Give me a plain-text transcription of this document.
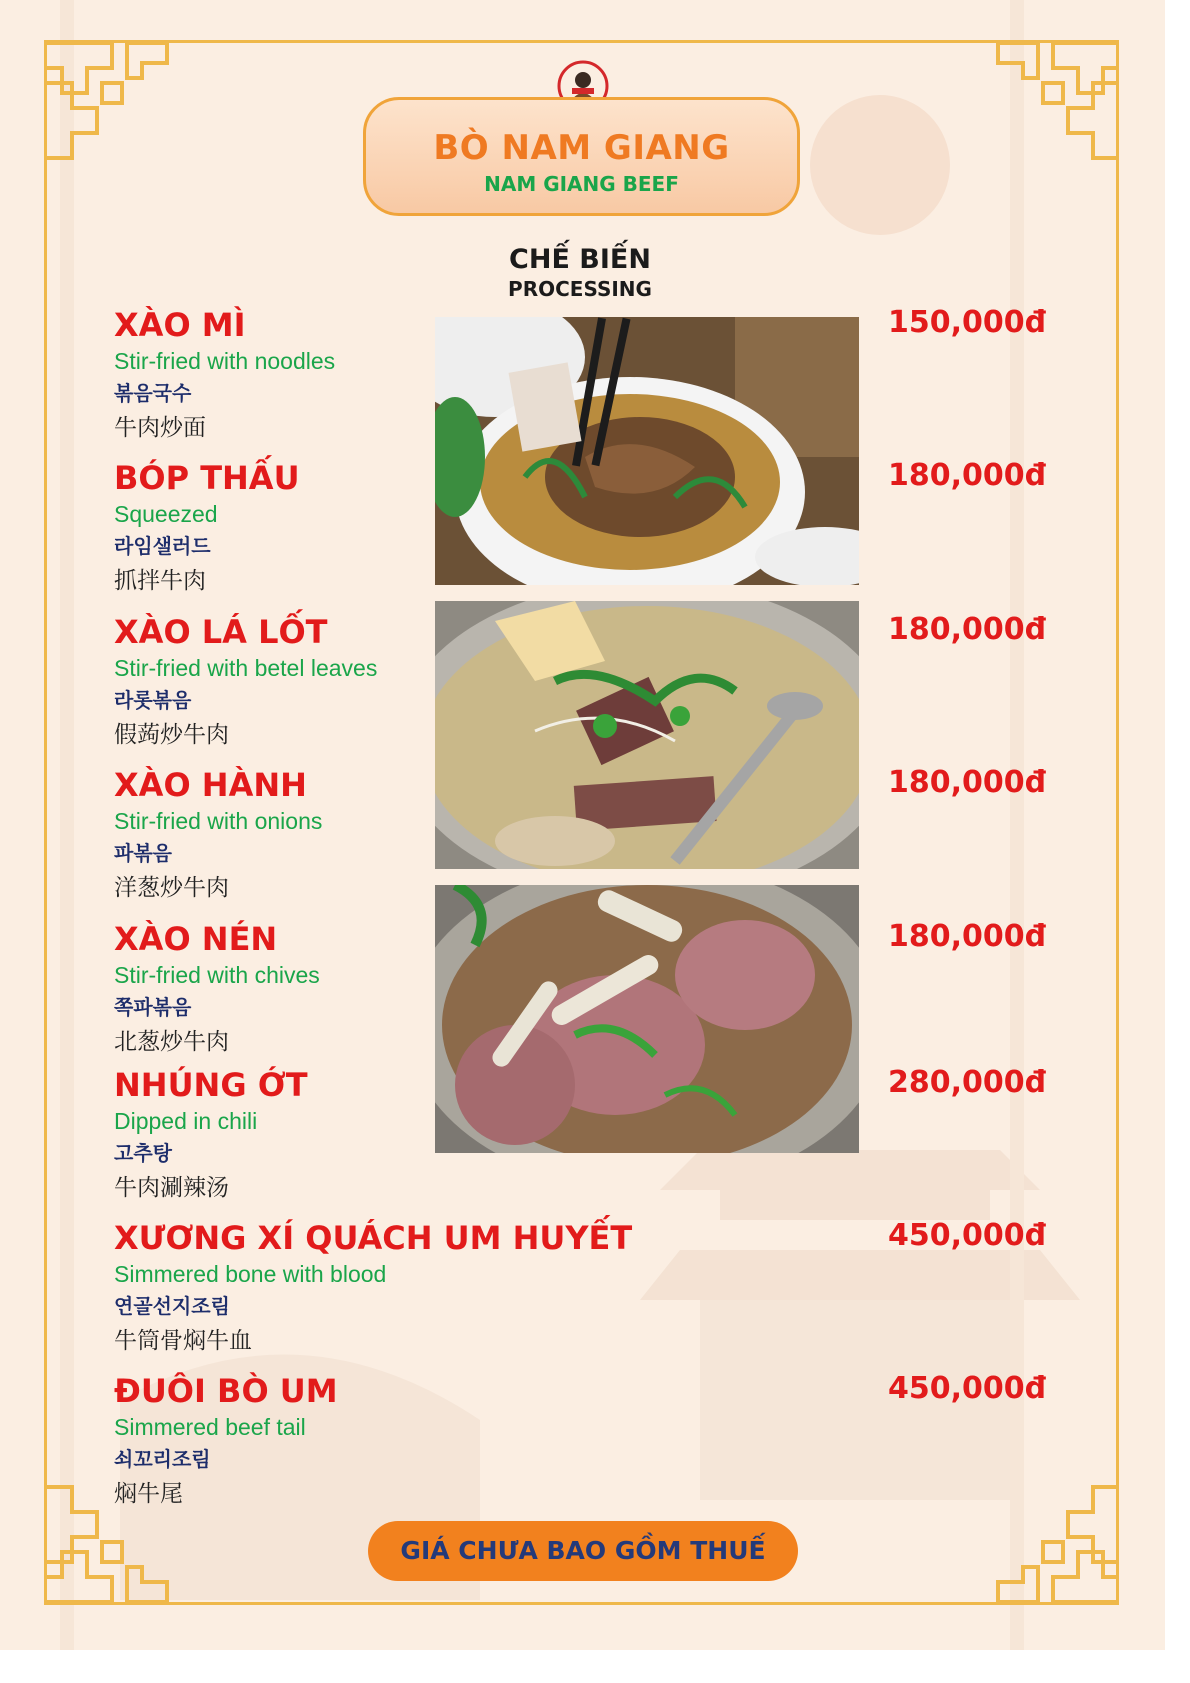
BÒ NAM GIANG
NAM GIANG BEEF
CHẾ BIẾN
PROCESSING
XÀO MÌ
Stir-fried with noodles
볶음국수
牛肉炒面
150,000đ
BÓP THẤU
Squeezed
라임샐러드
抓拌牛肉
180,000đ
XÀO LÁ LỐT
Stir-fried with betel leaves
라롯볶음
假蒟炒牛肉
180,000đ
XÀO HÀNH
Stir-fried with onions
파볶음
洋葱炒牛肉
180,000đ
XÀO NÉN
Stir-fried with chives
쪽파볶음
北葱炒牛肉
180,000đ
NHÚNG ỚT
Dipped in chili
고추탕
牛肉涮辣汤
280,000đ
XƯƠNG XÍ QUÁCH UM HUYẾT
Simmered bone with blood
연골선지조림
牛筒骨焖牛血
450,000đ
ĐUÔI BÒ UM
Simmered beef tail
쇠꼬리조림
焖牛尾
450,000đ
GIÁ CHƯA BAO GỒM THUẾ
